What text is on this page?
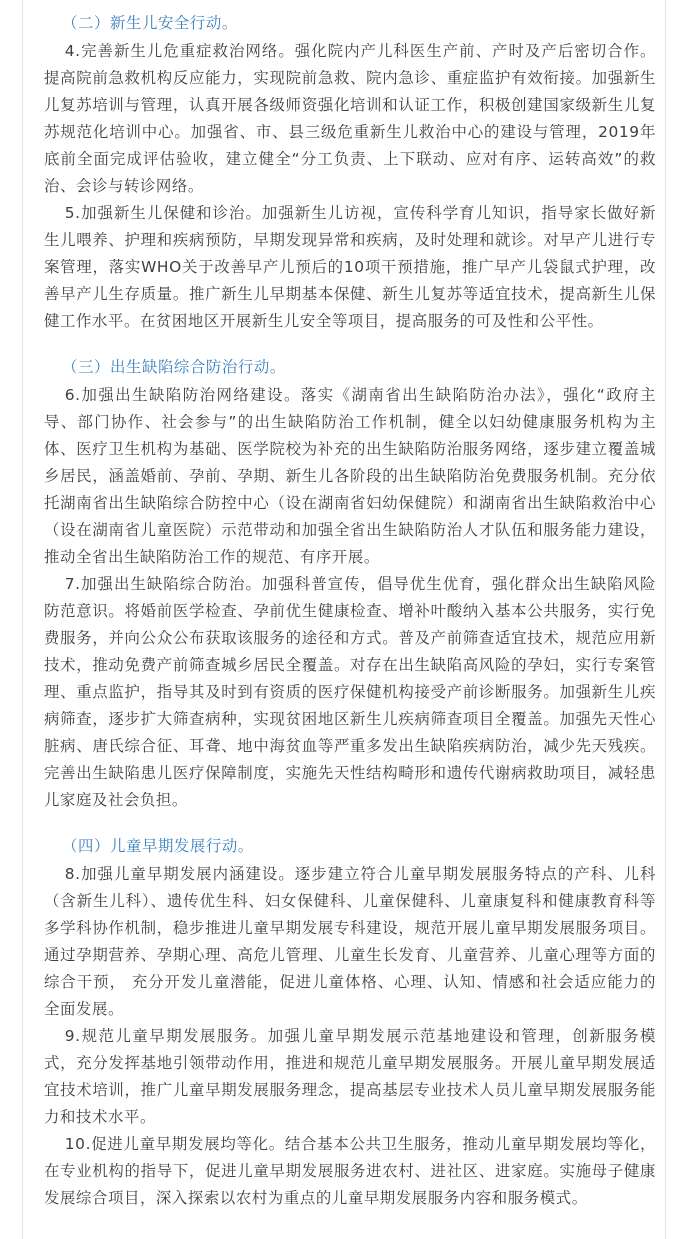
（二）新生儿安全行动。

4.完善新生儿危重症救治网络。强化院内产儿科医生产前、产时及产后密切合作。提高院前急救机构反应能力，实现院前急救、院内急诊、重症监护有效衔接。加强新生儿复苏培训与管理，认真开展各级师资强化培训和认证工作，积极创建国家级新生儿复苏规范化培训中心。加强省、市、县三级危重新生儿救治中心的建设与管理，2019年底前全面完成评估验收，建立健全“分工负责、上下联动、应对有序、运转高效”的救治、会诊与转诊网络。

5.加强新生儿保健和诊治。加强新生儿访视，宣传科学育儿知识，指导家长做好新生儿喂养、护理和疾病预防，早期发现异常和疾病，及时处理和就诊。对早产儿进行专案管理，落实WHO关于改善早产儿预后的10项干预措施，推广早产儿袋鼠式护理，改善早产儿生存质量。推广新生儿早期基本保健、新生儿复苏等适宜技术，提高新生儿保健工作水平。在贫困地区开展新生儿安全等项目，提高服务的可及性和公平性。

（三）出生缺陷综合防治行动。

6.加强出生缺陷防治网络建设。落实《湖南省出生缺陷防治办法》，强化“政府主导、部门协作、社会参与”的出生缺陷防治工作机制，健全以妇幼健康服务机构为主体、医疗卫生机构为基础、医学院校为补充的出生缺陷防治服务网络，逐步建立覆盖城乡居民，涵盖婚前、孕前、孕期、新生儿各阶段的出生缺陷防治免费服务机制。充分依托湖南省出生缺陷综合防控中心（设在湖南省妇幼保健院）和湖南省出生缺陷救治中心（设在湖南省儿童医院）示范带动和加强全省出生缺陷防治人才队伍和服务能力建设，推动全省出生缺陷防治工作的规范、有序开展。

7.加强出生缺陷综合防治。加强科普宣传，倡导优生优育，强化群众出生缺陷风险防范意识。将婚前医学检查、孕前优生健康检查、增补叶酸纳入基本公共服务，实行免费服务，并向公众公布获取该服务的途径和方式。普及产前筛查适宜技术，规范应用新技术，推动免费产前筛查城乡居民全覆盖。对存在出生缺陷高风险的孕妇，实行专案管理、重点监护，指导其及时到有资质的医疗保健机构接受产前诊断服务。加强新生儿疾病筛查，逐步扩大筛查病种，实现贫困地区新生儿疾病筛查项目全覆盖。加强先天性心脏病、唐氏综合征、耳聋、地中海贫血等严重多发出生缺陷疾病防治，减少先天残疾。完善出生缺陷患儿医疗保障制度，实施先天性结构畸形和遗传代谢病救助项目，减轻患儿家庭及社会负担。

（四）儿童早期发展行动。

8.加强儿童早期发展内涵建设。逐步建立符合儿童早期发展服务特点的产科、儿科（含新生儿科）、遗传优生科、妇女保健科、儿童保健科、儿童康复科和健康教育科等多学科协作机制，稳步推进儿童早期发展专科建设，规范开展儿童早期发展服务项目。通过孕期营养、孕期心理、高危儿管理、儿童生长发育、儿童营养、儿童心理等方面的综合干预， 充分开发儿童潜能，促进儿童体格、心理、认知、情感和社会适应能力的全面发展。

9.规范儿童早期发展服务。加强儿童早期发展示范基地建设和管理，创新服务模式，充分发挥基地引领带动作用，推进和规范儿童早期发展服务。开展儿童早期发展适宜技术培训，推广儿童早期发展服务理念，提高基层专业技术人员儿童早期发展服务能力和技术水平。

10.促进儿童早期发展均等化。结合基本公共卫生服务，推动儿童早期发展均等化，在专业机构的指导下，促进儿童早期发展服务进农村、进社区、进家庭。实施母子健康发展综合项目，深入探索以农村为重点的儿童早期发展服务内容和服务模式。
